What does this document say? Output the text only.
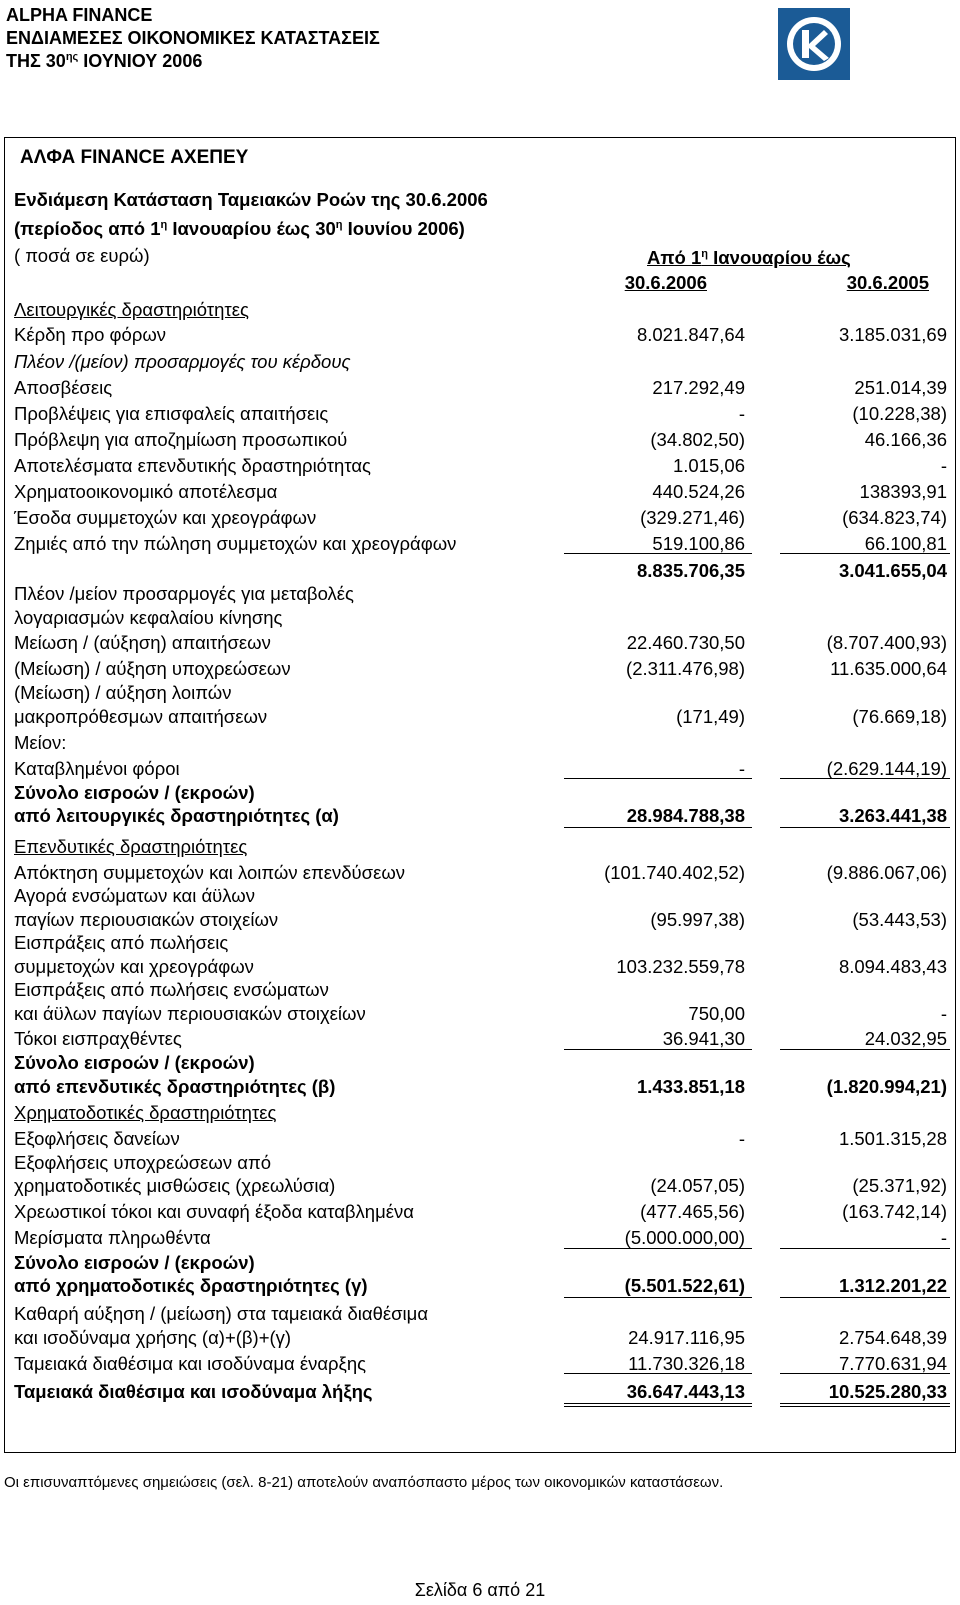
ALPHA FINANCE
ΕΝΔΙΑΜΕΣΕΣ ΟΙΚΟΝΟΜΙΚΕΣ ΚΑΤΑΣΤΑΣΕΙΣ
ΤΗΣ $30^{\eta\varsigma}$ ΙΟΥΝΙΟΥ 2006
ΑΛΦΑ FINANCE ΑΧΕΠΕΥ
Ενδιάμεση Κατάσταση Ταμειακών Ροών της 30.6.2006
(περίοδος από $1^\eta$ Ιανουαρίου έως $30^\eta$ Ιουνίου 2006)
( ποσά σε ευρώ)	Από $1^\eta$ Ιανουαρίου έως
30.6.2006	30.6.2005
Λειτουργικές δραστηριότητες
Κέρδη προ φόρων	8.021.847,64	3.185.031,69
Πλέον /(μείον) προσαρμογές του κέρδους
Αποσβέσεις	217.292,49	251.014,39
Προβλέψεις για επισφαλείς απαιτήσεις	-	(10.228,38)
Πρόβλεψη για αποζημίωση προσωπικού	(34.802,50)	46.166,36
Αποτελέσματα επενδυτικής δραστηριότητας	1.015,06	-
Χρηματοοικονομικό αποτέλεσμα	440.524,26	138393,91
Έσοδα συμμετοχών και χρεογράφων	(329.271,46)	(634.823,74)
Ζημιές από την πώληση συμμετοχών και χρεογράφων	519.100,86	66.100,81
8.835.706,35	3.041.655,04
Πλέον /μείον προσαρμογές για μεταβολές
λογαριασμών κεφαλαίου κίνησης
Μείωση / (αύξηση) απαιτήσεων	22.460.730,50	(8.707.400,93)
(Μείωση) / αύξηση υποχρεώσεων	(2.311.476,98)	11.635.000,64
(Μείωση) / αύξηση λοιπών
μακροπρόθεσμων απαιτήσεων	(171,49)	(76.669,18)
Μείον:
Καταβλημένοι φόροι	-	(2.629.144,19)
Σύνολο εισροών / (εκροών)
από λειτουργικές δραστηριότητες (α)	28.984.788,38	3.263.441,38
Επενδυτικές δραστηριότητες
Απόκτηση συμμετοχών και λοιπών επενδύσεων	(101.740.402,52)	(9.886.067,06)
Αγορά ενσώματων και άϋλων
παγίων περιουσιακών στοιχείων	(95.997,38)	(53.443,53)
Εισπράξεις από πωλήσεις
συμμετοχών και χρεογράφων	103.232.559,78	8.094.483,43
Εισπράξεις από πωλήσεις ενσώματων
και άϋλων παγίων περιουσιακών στοιχείων	750,00	-
Τόκοι εισπραχθέντες	36.941,30	24.032,95
Σύνολο εισροών / (εκροών)
από επενδυτικές δραστηριότητες (β)	1.433.851,18	(1.820.994,21)
Χρηματοδοτικές δραστηριότητες
Εξοφλήσεις δανείων	-	1.501.315,28
Εξοφλήσεις υποχρεώσεων από
χρηματοδοτικές μισθώσεις (χρεωλύσια)	(24.057,05)	(25.371,92)
Χρεωστικοί τόκοι και συναφή έξοδα καταβλημένα	(477.465,56)	(163.742,14)
Μερίσματα πληρωθέντα	(5.000.000,00)	-
Σύνολο εισροών / (εκροών)
από χρηματοδοτικές δραστηριότητες (γ)	(5.501.522,61)	1.312.201,22
Καθαρή αύξηση / (μείωση) στα ταμειακά διαθέσιμα
και ισοδύναμα χρήσης (α)+(β)+(γ)	24.917.116,95	2.754.648,39
Ταμειακά διαθέσιμα και ισοδύναμα έναρξης	11.730.326,18	7.770.631,94
Ταμειακά διαθέσιμα και ισοδύναμα λήξης	36.647.443,13	10.525.280,33
Οι επισυναπτόμενες σημειώσεις (σελ. 8-21) αποτελούν αναπόσπαστο μέρος των οικονομικών καταστάσεων.
Σελίδα 6 από 21
